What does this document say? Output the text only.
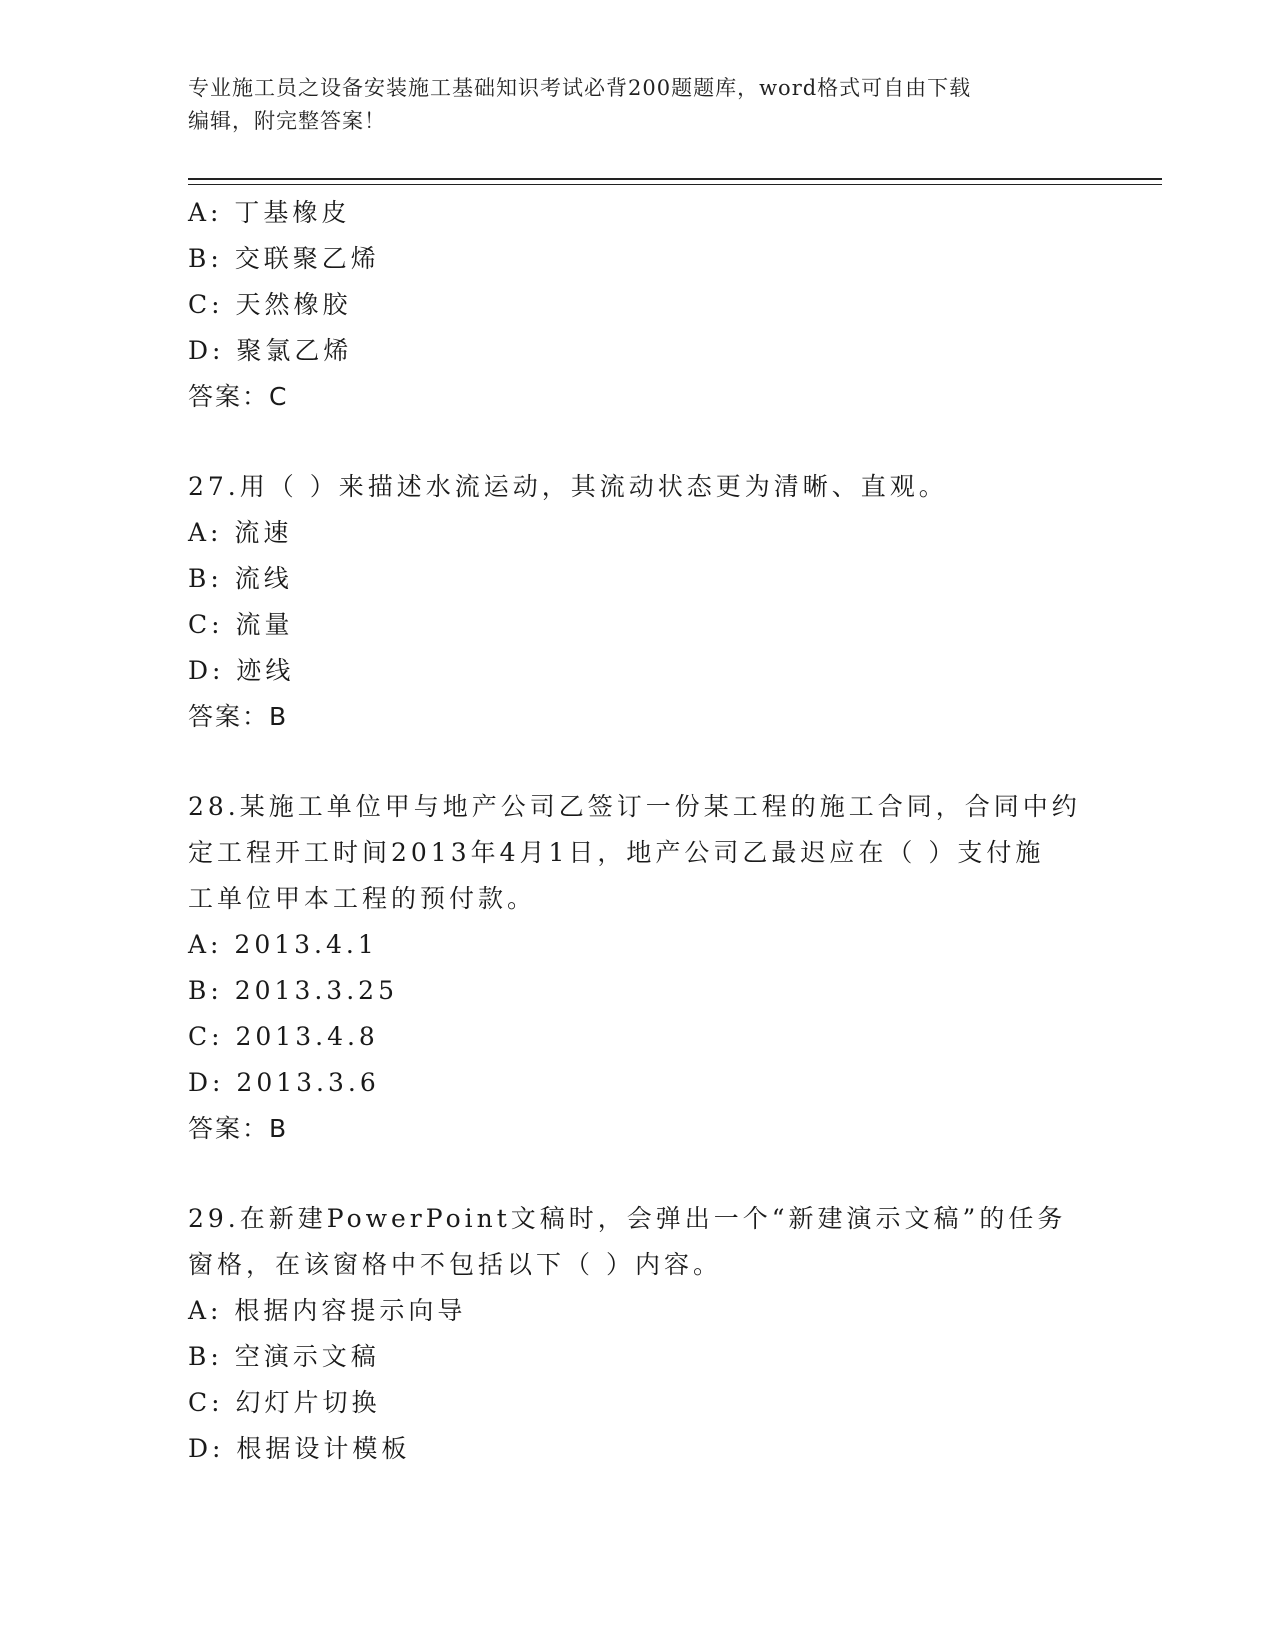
专业施工员之设备安装施工基础知识考试必背200题题库，word格式可自由下载
编辑，附完整答案！
A: 丁基橡皮
B: 交联聚乙烯
C: 天然橡胶
D: 聚氯乙烯
答案：C
27.用（ ）来描述水流运动，其流动状态更为清晰、直观。
A: 流速
B: 流线
C: 流量
D: 迹线
答案：B
28.某施工单位甲与地产公司乙签订一份某工程的施工合同，合同中约
定工程开工时间2013年4月1日，地产公司乙最迟应在（ ）支付施
工单位甲本工程的预付款。
A: 2013.4.1
B: 2013.3.25
C: 2013.4.8
D: 2013.3.6
答案：B
29.在新建PowerPoint文稿时，会弹出一个“新建演示文稿”的任务
窗格，在该窗格中不包括以下（ ）内容。
A: 根据内容提示向导
B: 空演示文稿
C: 幻灯片切换
D: 根据设计模板
